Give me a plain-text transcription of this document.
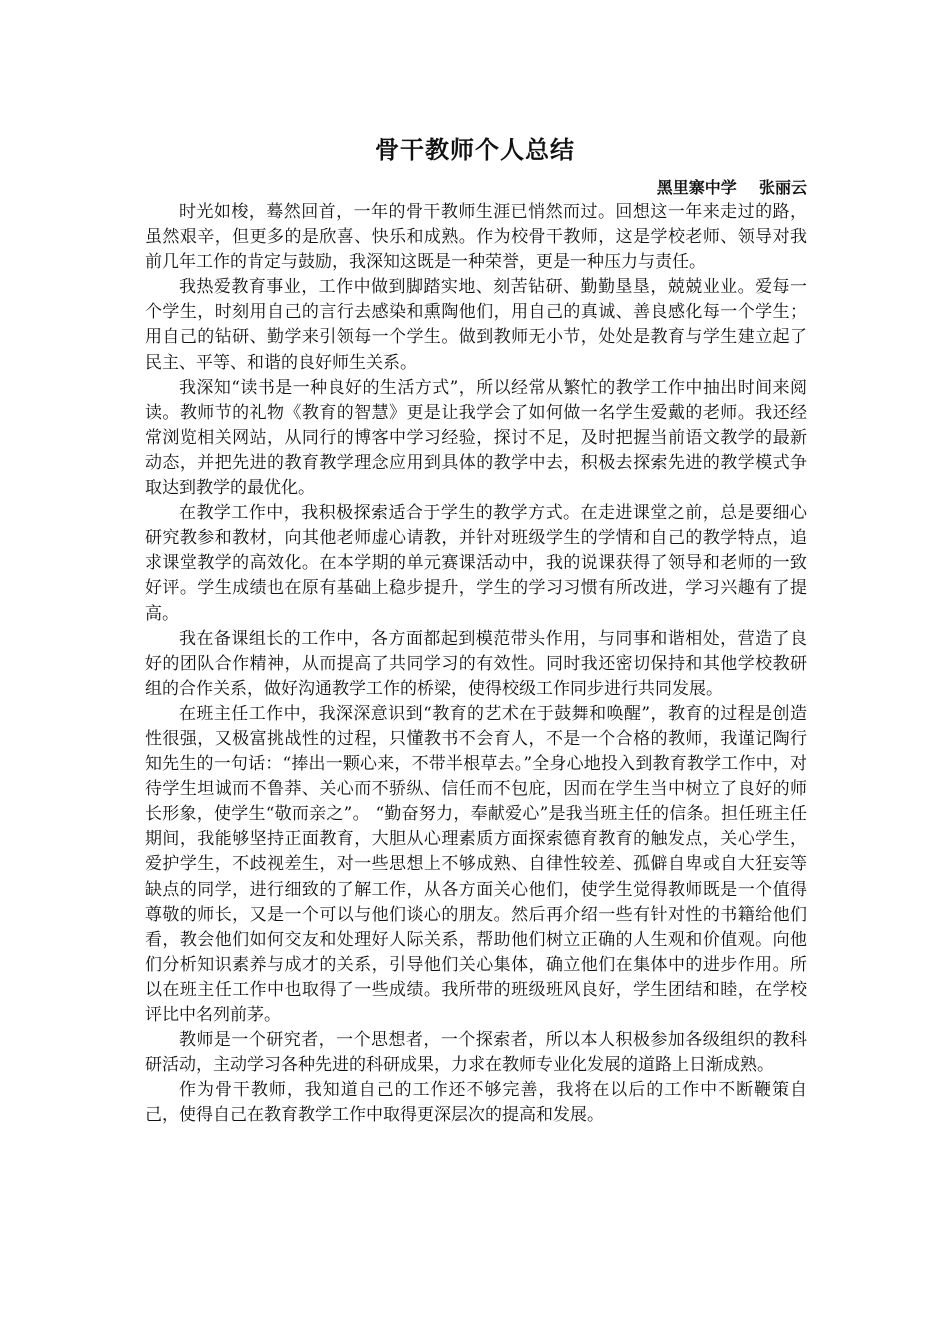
骨干教师个人总结
黑里寨中学    张丽云

时光如梭，蓦然回首，一年的骨干教师生涯已悄然而过。回想这一年来走过的路，虽然艰辛，但更多的是欣喜、快乐和成熟。作为校骨干教师，这是学校老师、领导对我前几年工作的肯定与鼓励，我深知这既是一种荣誉，更是一种压力与责任。

我热爱教育事业，工作中做到脚踏实地、刻苦钻研、勤勤垦垦，兢兢业业。爱每一个学生，时刻用自己的言行去感染和熏陶他们，用自己的真诚、善良感化每一个学生；用自己的钻研、勤学来引领每一个学生。做到教师无小节，处处是教育与学生建立起了民主、平等、和谐的良好师生关系。

我深知“读书是一种良好的生活方式”，所以经常从繁忙的教学工作中抽出时间来阅读。教师节的礼物《教育的智慧》更是让我学会了如何做一名学生爱戴的老师。我还经常浏览相关网站，从同行的博客中学习经验，探讨不足，及时把握当前语文教学的最新动态，并把先进的教育教学理念应用到具体的教学中去，积极去探索先进的教学模式争取达到教学的最优化。

在教学工作中，我积极探索适合于学生的教学方式。在走进课堂之前，总是要细心研究教参和教材，向其他老师虚心请教，并针对班级学生的学情和自己的教学特点，追求课堂教学的高效化。在本学期的单元赛课活动中，我的说课获得了领导和老师的一致好评。学生成绩也在原有基础上稳步提升，学生的学习习惯有所改进，学习兴趣有了提高。

我在备课组长的工作中，各方面都起到模范带头作用，与同事和谐相处，营造了良好的团队合作精神，从而提高了共同学习的有效性。同时我还密切保持和其他学校教研组的合作关系，做好沟通教学工作的桥梁，使得校级工作同步进行共同发展。

在班主任工作中，我深深意识到“教育的艺术在于鼓舞和唤醒”，教育的过程是创造性很强，又极富挑战性的过程，只懂教书不会育人，不是一个合格的教师，我谨记陶行知先生的一句话：“捧出一颗心来，不带半根草去。”全身心地投入到教育教学工作中，对待学生坦诚而不鲁莽、关心而不骄纵、信任而不包庇，因而在学生当中树立了良好的师长形象，使学生“敬而亲之”。 “勤奋努力，奉献爱心”是我当班主任的信条。担任班主任期间，我能够坚持正面教育，大胆从心理素质方面探索德育教育的触发点，关心学生，爱护学生，不歧视差生，对一些思想上不够成熟、自律性较差、孤僻自卑或自大狂妄等缺点的同学，进行细致的了解工作，从各方面关心他们，使学生觉得教师既是一个值得尊敬的师长，又是一个可以与他们谈心的朋友。然后再介绍一些有针对性的书籍给他们看，教会他们如何交友和处理好人际关系，帮助他们树立正确的人生观和价值观。向他们分析知识素养与成才的关系，引导他们关心集体，确立他们在集体中的进步作用。所以在班主任工作中也取得了一些成绩。我所带的班级班风良好，学生团结和睦，在学校评比中名列前茅。

教师是一个研究者，一个思想者，一个探索者，所以本人积极参加各级组织的教科研活动，主动学习各种先进的科研成果，力求在教师专业化发展的道路上日渐成熟。

作为骨干教师，我知道自己的工作还不够完善，我将在以后的工作中不断鞭策自己，使得自己在教育教学工作中取得更深层次的提高和发展。
